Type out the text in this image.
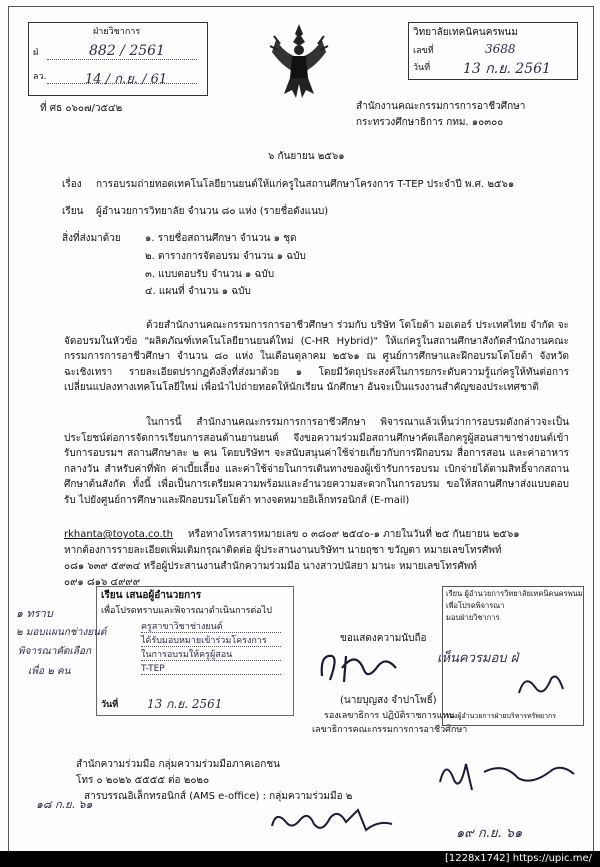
ฝ่ายวิชาการ
ฝ่	882 / 2561
ลว.	14 / ก.ย. / 61
วิทยาลัยเทคนิคนครพนม
เลขที่	3688
วันที่ 13 ก.ย. 2561
ที่ ศธ ๐๖๐๗/ว๕๔๒	สำนักงานคณะกรรมการการอาชีวศึกษา
กระทรวงศึกษาธิการ กทม. ๑๐๓๐๐
๖ กันยายน ๒๕๖๑
เรื่อง การอบรมถ่ายทอดเทคโนโลยียานยนต์ให้แก่ครูในสถานศึกษาโครงการ T-TEP ประจำปี พ.ศ. ๒๕๖๑
เรียน ผู้อำนวยการวิทยาลัย จำนวน ๘๐ แห่ง (รายชื่อดังแนบ)
สิ่งที่ส่งมาด้วย ๑. รายชื่อสถานศึกษา จำนวน ๑ ชุด
๒. ตารางการจัดอบรม จำนวน ๑ ฉบับ
๓. แบบตอบรับ จำนวน ๑ ฉบับ
๔. แผนที่ จำนวน ๑ ฉบับ
ด้วยสำนักงานคณะกรรมการการอาชีวศึกษา ร่วมกับ บริษัท โตโยต้า มอเตอร์ ประเทศไทย จำกัด จะจัดอบรมในหัวข้อ "ผลิตภัณฑ์เทคโนโลยียานยนต์ใหม่ (C-HR Hybrid)" ให้แก่ครูในสถานศึกษาสังกัดสำนักงานคณะกรรมการการอาชีวศึกษา จำนวน ๘๐ แห่ง ในเดือนตุลาคม ๒๕๖๑ ณ ศูนย์การศึกษาและฝึกอบรมโตโยต้า จังหวัดฉะเชิงเทรา รายละเอียดปรากฏดังสิ่งที่ส่งมาด้วย ๑ โดยมีวัตถุประสงค์ในการยกระดับความรู้แก่ครูให้ทันต่อการเปลี่ยนแปลงทางเทคโนโลยีใหม่ เพื่อนำไปถ่ายทอดให้นักเรียน นักศึกษา อันจะเป็นแรงงานสำคัญของประเทศชาติ
ในการนี้ สำนักงานคณะกรรมการการอาชีวศึกษา พิจารณาแล้วเห็นว่าการอบรมดังกล่าวจะเป็นประโยชน์ต่อการจัดการเรียนการสอนด้านยานยนต์ จึงขอความร่วมมือสถานศึกษาคัดเลือกครูผู้สอนสาขาช่างยนต์เข้ารับการอบรมฯ สถานศึกษาละ ๒ คน โดยบริษัทฯ จะสนับสนุนค่าใช้จ่ายเกี่ยวกับการฝึกอบรม สื่อการสอน และค่าอาหารกลางวัน สำหรับค่าที่พัก ค่าเบี้ยเลี้ยง และค่าใช้จ่ายในการเดินทางของผู้เข้ารับการอบรม เบิกจ่ายได้ตามสิทธิ์จากสถานศึกษาต้นสังกัด ทั้งนี้ เพื่อเป็นการเตรียมความพร้อมและอำนวยความสะดวกในการอบรม ขอให้สถานศึกษาส่งแบบตอบรับ ไปยังศูนย์การศึกษาและฝึกอบรมโตโยต้า ทางจดหมายอิเล็กทรอนิกส์ (E-mail)
rkhanta@toyota.co.th หรือทางโทรสารหมายเลข ๐ ๓๘๐๙ ๒๕๔๐-๑ ภายในวันที่ ๒๕ กันยายน ๒๕๖๑
หากต้องการรายละเอียดเพิ่มเติมกรุณาติดต่อ ผู้ประสานงานบริษัทฯ นายฤชา ขวัญตา หมายเลขโทรศัพท์
๐๘๑ ๖๓๙ ๕๙๓๔ หรือผู้ประสานงานสำนักความร่วมมือ นางสาวปนัสยา มานะ หมายเลขโทรศัพท์
๐๙๑ ๘๑๖ ๔๙๙๙
เรียน เสนอผู้อำนวยการ
เพื่อโปรดทราบและพิจารณาดำเนินการต่อไป
ครูสาขาวิชาช่างยนต์
ได้รับมอบหมายเข้าร่วมโครงการ
ในการอบรมให้ครูผู้สอน
T-TEP
วันที่ 13 ก.ย. 2561
๑ ทราบ
๒ มอบแผนกช่างยนต์
พิจารณาคัดเลือก
เพื่อ ๒ คน
ขอแสดงความนับถือ
(นายบุญสง จำปาโพธิ์)
รองเลขาธิการ ปฏิบัติราชการแทน
เลขาธิการคณะกรรมการการอาชีวศึกษา
เรียน ผู้อำนวยการวิทยาลัยเทคนิคนครพนม
เพื่อโปรดพิจารณา
มอบฝ่ายวิชาการ
เห็นควรมอบ ฝ่
รองผู้อำนวยการฝ่ายบริหารทรัพยากร
สำนักความร่วมมือ กลุ่มความร่วมมือภาคเอกชน
โทร ๐ ๒๐๒๖ ๕๕๕๕ ต่อ ๒๐๒๐
สารบรรณอิเล็กทรอนิกส์ (AMS e-office) : กลุ่มความร่วมมือ ๒
๑๘ ก.ย. ๖๑
๑๙ ก.ย. ๖๑
[1228x1742] https://upic.me/
